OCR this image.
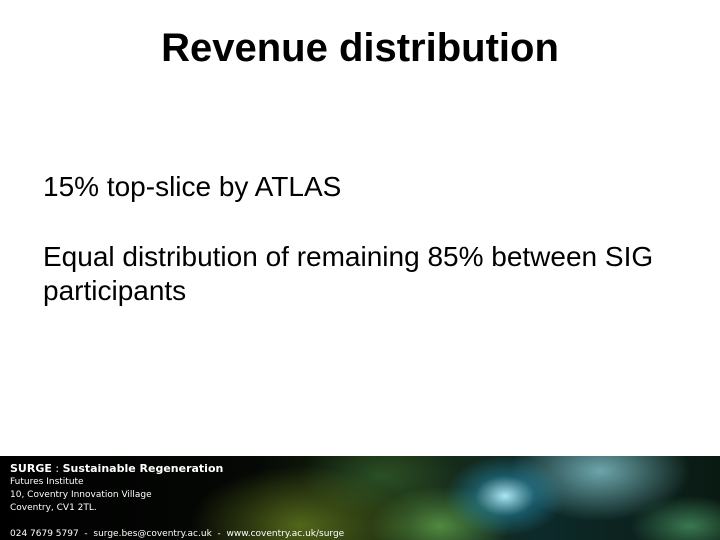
Revenue distribution
15% top-slice by ATLAS
Equal distribution of remaining 85% between SIG participants
SURGE : Sustainable Regeneration
Futures Institute
10, Coventry Innovation Village
Coventry, CV1 2TL.
024 7679 5797  -  surge.bes@coventry.ac.uk  -  www.coventry.ac.uk/surge
